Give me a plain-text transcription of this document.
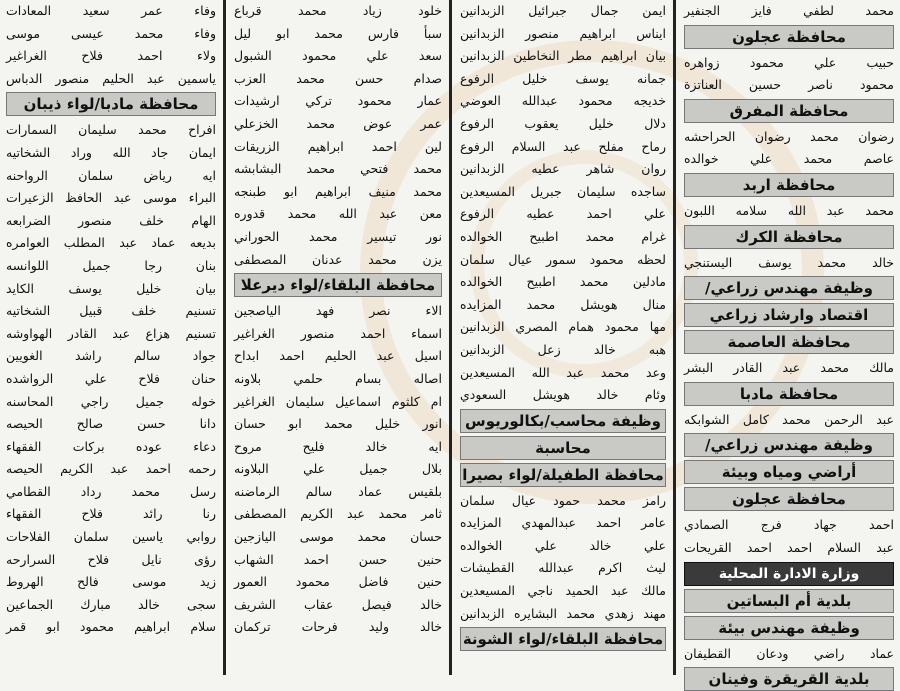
محمد لطفي فايز الجنفير
محافظة عجلون
حبيب علي محمود زواهره
محمود ناصر حسين العناتزة
محافظة المفرق
رضوان محمد رضوان الحراحشه
عاصم محمد علي خوالده
محافظة اربد
محمد عبد الله سلامه اللبون
محافظة الكرك
خالد محمد يوسف اليستنجي
وظيفة مهندس زراعي/
اقتصاد وارشاد زراعي
محافظة العاصمة
مالك محمد عبد القادر البشر
محافظة مادبا
عبد الرحمن محمد كامل الشوابكه
وظيفة مهندس زراعي/
أراضي ومياه وبيئة
محافظة عجلون
احمد جهاد فرج الصمادي
عبد السلام احمد احمد القريحات
وزارة الادارة المحلية
بلدية أم البساتين
وظيفة مهندس بيئة
عماد راضي ودعان القطيفان
بلدية القريقرة وفينان
ايمن جمال جبرائيل الزبدانين
ايناس ابراهيم منصور الزبدانين
بيان ابراهيم مطر النخاطين الزبدانين
جمانه يوسف خليل الرفوع
خديجه محمود عبدالله العوضي
دلال خليل يعقوب الرفوع
رماح مفلح عبد السلام الرفوع
روان شاهر عطيه الزبدانين
ساجده سليمان جبريل المسيعدين
علي احمد عطيه الرفوع
غرام محمد اطبيح الخوالده
لحظه محمود سمور عيال سلمان
مادلين محمد اطبيح الخوالده
منال هويشل محمد المزايده
مها محمود همام المصري الزبدانين
هبه خالد زعل الزبدانين
وعد محمد عبد الله المسيعدين
وئام خالد هويشل السعودي
وظيفة محاسب/بكالوريوس
محاسبة
محافظة الطفيلة/لواء بصيرا
رامز محمد حمود عيال سلمان
عامر احمد عبدالمهدي المزايده
علي خالد علي الخوالده
ليث اكرم عبدالله القطيشات
مالك عبد الحميد ناجي المسيعدين
مهند زهدي محمد البشايره الزبدانين
محافظة البلقاء/لواء الشونة
خلود زياد محمد قرباع
سبأ فارس محمد ابو ليل
سعد علي محمود الشبول
صدام حسن محمد العزب
عمار محمود تركي ارشيدات
عمر عوض محمد الخزعلي
لين احمد ابراهيم الزريقات
محمد فتحي محمد البشابشه
محمد منيف ابراهيم ابو طبنجه
معن عبد الله محمد قدوره
نور تيسير محمد الحوراني
يزن محمد عدنان المصطفى
محافظة البلقاء/لواء ديرعلا
الاء نصر فهد الياصجين
اسماء احمد منصور الغراغير
اسيل عبد الحليم احمد ابداح
اصاله بسام حلمي بلاونه
ام كلثوم اسماعيل سليمان الغراغير
انور خليل محمد ابو حسان
ايه خالد فليح مروح
بلال جميل علي البلاونه
بلقيس عماد سالم الرماضنه
ثامر محمد عبد الكريم المصطفى
حسان محمد موسى اليازجين
حنين حسن احمد الشهاب
حنين فاضل محمود العمور
خالد فيصل عقاب الشريف
خالد وليد فرحات تركمان
وفاء عمر سعيد المعادات
وفاء محمد عيسى موسى
ولاء احمد فلاح الغراغير
ياسمين عبد الحليم منصور الدباس
محافظة مادبا/لواء ذيبان
افراح محمد سليمان السمارات
ايمان جاد الله وراد الشخاتيه
ايه رياض سلمان الرواحنه
البراء موسى عبد الحافظ الزعيرات
الهام خلف منصور الضرابعه
بديعه عماد عبد المطلب العوامره
بنان رجا جميل اللوانسه
بيان خليل يوسف الكايد
تسنيم خلف قبيل الشخاتيه
تسنيم هزاع عبد القادر الهواوشه
جواد سالم راشد الغويين
حنان فلاح علي الرواشده
خوله جميل راجي المحاسنه
دانا حسن صالح الحيصه
دعاء عوده بركات الفقهاء
رحمه احمد عبد الكريم الحيصه
رسل محمد رداد القطامي
رنا رائد فلاح الفقهاء
روابي ياسين سلمان الفلاحات
رؤى نايل فلاح السرارحه
زيد موسى فالح الهروط
سجى خالد مبارك الجماعين
سلام ابراهيم محمود ابو قمر
